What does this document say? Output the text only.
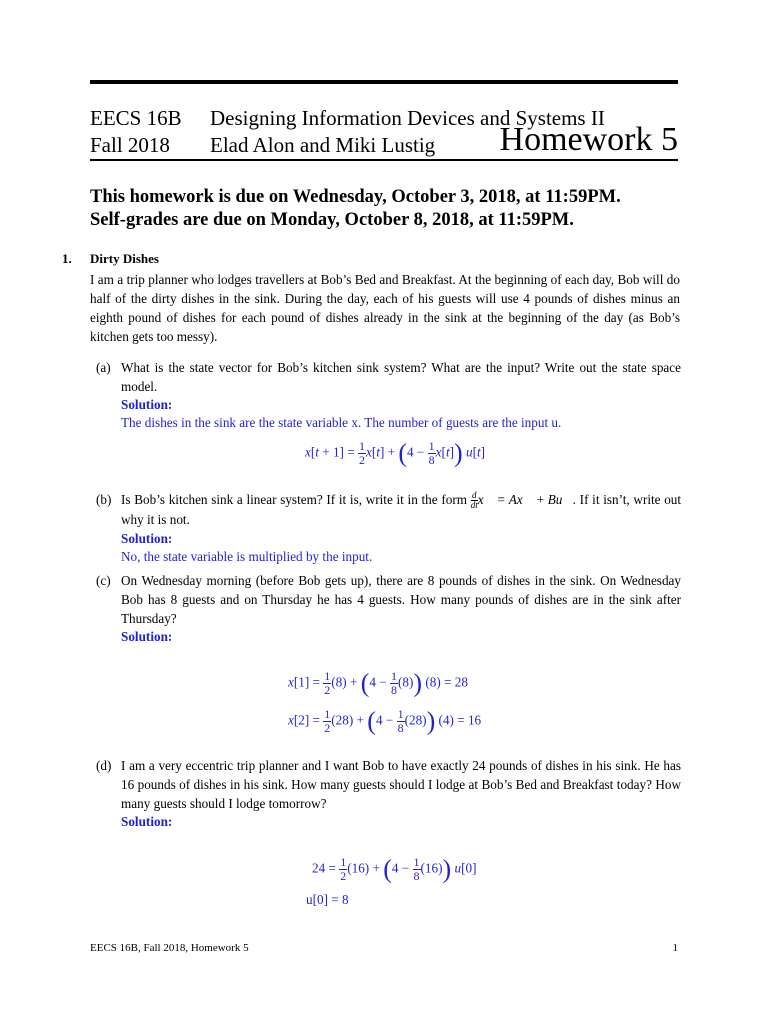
EECS 16B
Fall 2018
Designing Information Devices and Systems II
Elad Alon and Miki Lustig Homework 5
This homework is due on Wednesday, October 3, 2018, at 11:59PM.
Self-grades are due on Monday, October 8, 2018, at 11:59PM.
1. Dirty Dishes
I am a trip planner who lodges travellers at Bob’s Bed and Breakfast. At the beginning of each day, Bob will do half of the dirty dishes in the sink. During the day, each of his guests will use 4 pounds of dishes minus an eighth pound of dishes for each pound of dishes already in the sink at the beginning of the day (as Bob’s kitchen gets too messy).
(a) What is the state vector for Bob’s kitchen sink system? What are the input? Write out the state space model.
Solution:
The dishes in the sink are the state variable x. The number of guests are the input u.
$x[t + 1] = \frac{1}{2} x[t] + (4 - \frac{1}{8} x[t])$ u[t]
(b) Is Bob’s kitchen sink a linear system? If it is, write it in the form $\frac{d}{dt}x⃗$ = Ax⃗ + Bu⃗. If it isn’t, write out why it is not.
Solution:
No, the state variable is multiplied by the input.
(c) On Wednesday morning (before Bob gets up), there are 8 pounds of dishes in the sink. On Wednesday Bob has 8 guests and on Thursday he has 4 guests. How many pounds of dishes are in the sink after Thursday?
Solution:
$x[1] = \frac{1}{2} (8) + (4 - \frac{1}{8} (8)) (8) = 28$
$x[2] = \frac{1}{2} (28) + (4 - \frac{1}{8} (28)) (4) = 16$
(d) I am a very eccentric trip planner and I want Bob to have exactly 24 pounds of dishes in his sink. He has 16 pounds of dishes in his sink. How many guests should I lodge at Bob’s Bed and Breakfast today? How many guests should I lodge tomorrow?
Solution:
$24 = \frac{1}{2} (16) + (4 - \frac{1}{8} (16))$ u[0]
u[0] = 8
EECS 16B, Fall 2018, Homework 5	1
